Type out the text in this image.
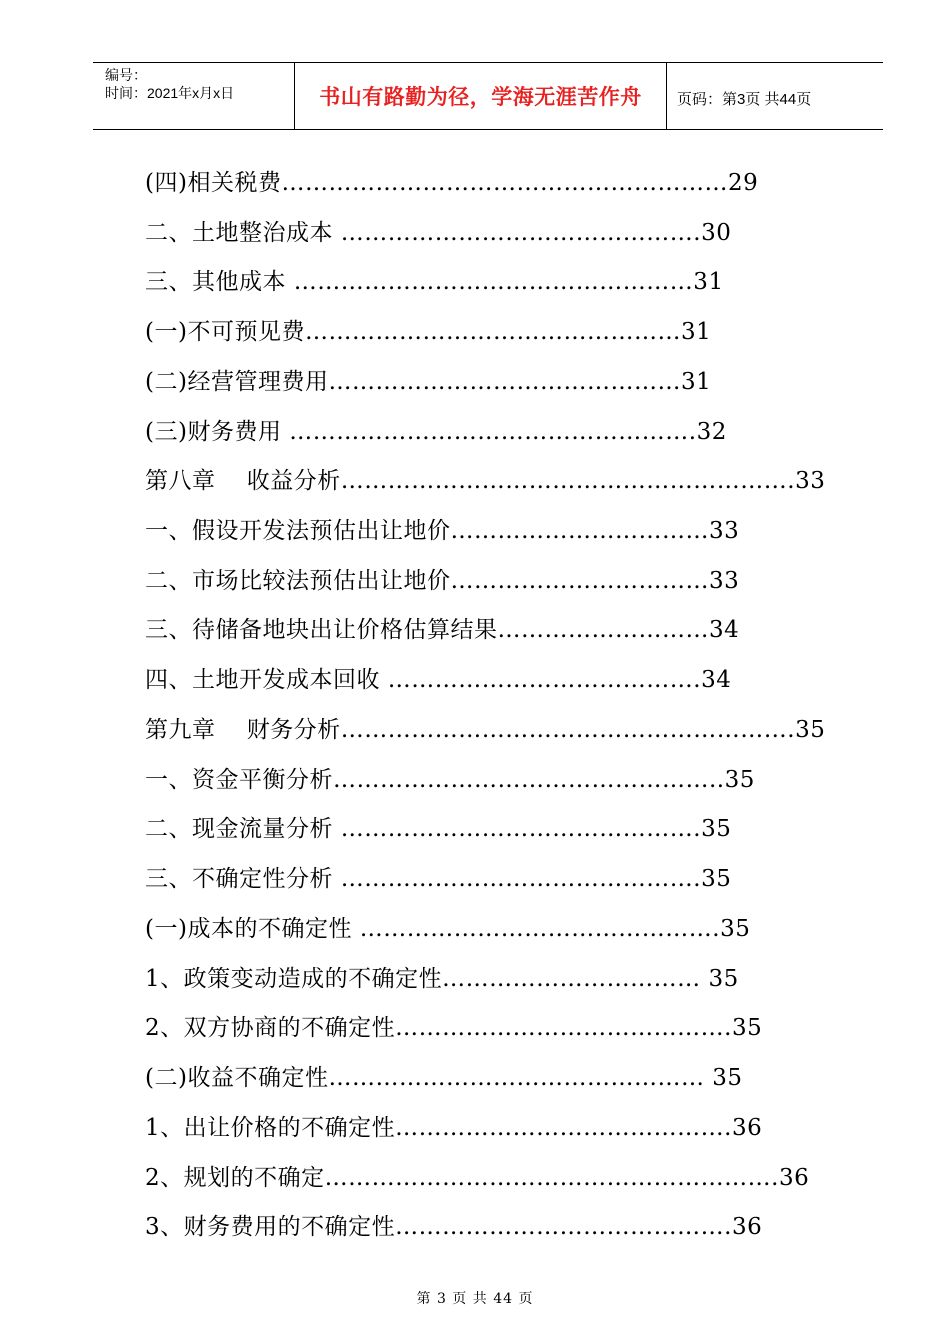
编号：
时间：2021年x月x日	书山有路勤为径，学海无涯苦作舟 页码：第3页 共44页
(四)相关税费…………………………………………………29
二、土地整治成本 ……………………………………….30
三、其他成本 ……………………………………………31
(一)不可预见费…………………………………………31
(二)经营管理费用………………………………………31
(三)财务费用 …………………………………………….32
第八章　 收益分析………………………………………………….33
一、假设开发法预估出让地价……………………………33
二、市场比较法预估出让地价……………………………33
三、待储备地块出让价格估算结果………………………34
四、土地开发成本回收 ………………………………….34
第九章　 财务分析………………………………………………….35
一、资金平衡分析…………………………………………..35
二、现金流量分析 ……………………………………….35
三、不确定性分析 ……………………………………….35
(一)成本的不确定性 ……………………………………….35
1、政策变动造成的不确定性…………………………… 35
2、双方协商的不确定性…………………………………….35
(二)收益不确定性………………………………………… 35
1、出让价格的不确定性…………………………………….36
2、规划的不确定………………………………………………….36
3、财务费用的不确定性…………………………………….36
第 3 页 共 44 页
